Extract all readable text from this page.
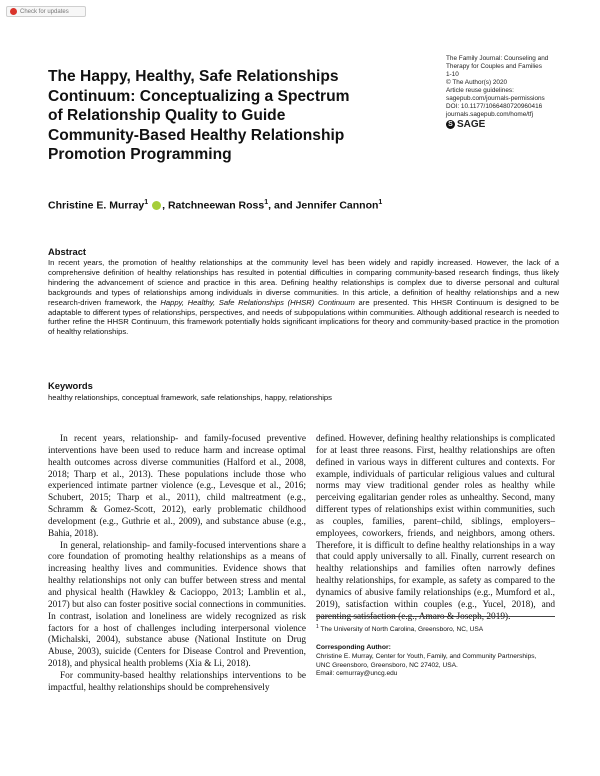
Check for updates
The Family Journal: Counseling and
Therapy for Couples and Families
1-10
© The Author(s) 2020
Article reuse guidelines:
sagepub.com/journals-permissions
DOI: 10.1177/1066480720960416
journals.sagepub.com/home/tfj
S SAGE
The Happy, Healthy, Safe Relationships
Continuum: Conceptualizing a Spectrum
of Relationship Quality to Guide
Community-Based Healthy Relationship
Promotion Programming
Christine E. Murray$^1$ , Ratchneewan Ross$^1$, and Jennifer Cannon$^1$
Abstract
In recent years, the promotion of healthy relationships at the community level has been widely and rapidly increased. However, the lack of a comprehensive definition of healthy relationships has resulted in potential difficulties in comparing community-based research findings, thus likely hindering the advancement of science and practice in this area. Defining healthy relationships is complex due to diverse personal and cultural backgrounds and types of relationships among individuals in diverse communities. In this article, a definition of healthy relationships and a new research-driven framework, the Happy, Healthy, Safe Relationships (HHSR) Continuum are presented. This HHSR Continuum is designed to be adaptable to different types of relationships, perspectives, and needs of subpopulations within communities. Although additional research is needed to further refine the HHSR Continuum, this framework potentially holds significant implications for theory and community-based practice in the promotion of healthy relationships.
Keywords
healthy relationships, conceptual framework, safe relationships, happy, relationships

In recent years, relationship- and family-focused preventive interventions have been used to reduce harm and increase optimal health outcomes across diverse communities (Halford et al., 2008, 2018; Tharp et al., 2013). These populations include those who experienced intimate partner violence (e.g., Levesque et al., 2016; Schubert, 2015; Tharp et al., 2011), child maltreatment (e.g., Schramm & Gomez-Scott, 2012), early problematic childhood development (e.g., Guthrie et al., 2009), and substance abuse (e.g., Bahia, 2018).

In general, relationship- and family-focused interventions share a core foundation of promoting healthy relationships as a means of increasing healthy lives and communities. Evidence shows that healthy relationships not only can buffer between stress and mental and physical health (Hawkley & Cacioppo, 2013; Lamblin et al., 2017) but also can foster positive social connections in communities. In contrast, isolation and loneliness are widely recognized as risk factors for a host of challenges including interpersonal violence (Michalski, 2004), substance abuse (National Institute on Drug Abuse, 2003), suicide (Centers for Disease Control and Prevention, 2018), and physical health problems (Xia & Li, 2018).

For community-based healthy relationships interventions to be impactful, healthy relationships should be comprehensively

defined. However, defining healthy relationships is complicated for at least three reasons. First, healthy relationships are often defined in various ways in different cultures and contexts. For example, individuals of particular religious values and cultural norms may view traditional gender roles as healthy while perceiving egalitarian gender roles as unhealthy. Second, many different types of relationships exist within communities, such as couples, families, parent–child, siblings, employers–employees, coworkers, friends, and neighbors, among others. Therefore, it is difficult to define healthy relationships in a way that could apply universally to all. Finally, current research on healthy relationships and families often narrowly defines healthy relationships, for example, as safety as compared to the dynamics of abusive family relationships (e.g., Mumford et al., 2019), satisfaction within couples (e.g., Yucel, 2018), and parenting satisfaction (e.g., Amaro & Joseph, 2019).

$^1$ The University of North Carolina, Greensboro, NC, USA
Corresponding Author:
Christine E. Murray, Center for Youth, Family, and Community Partnerships,
UNC Greensboro, Greensboro, NC 27402, USA.
Email: cemurray@uncg.edu
